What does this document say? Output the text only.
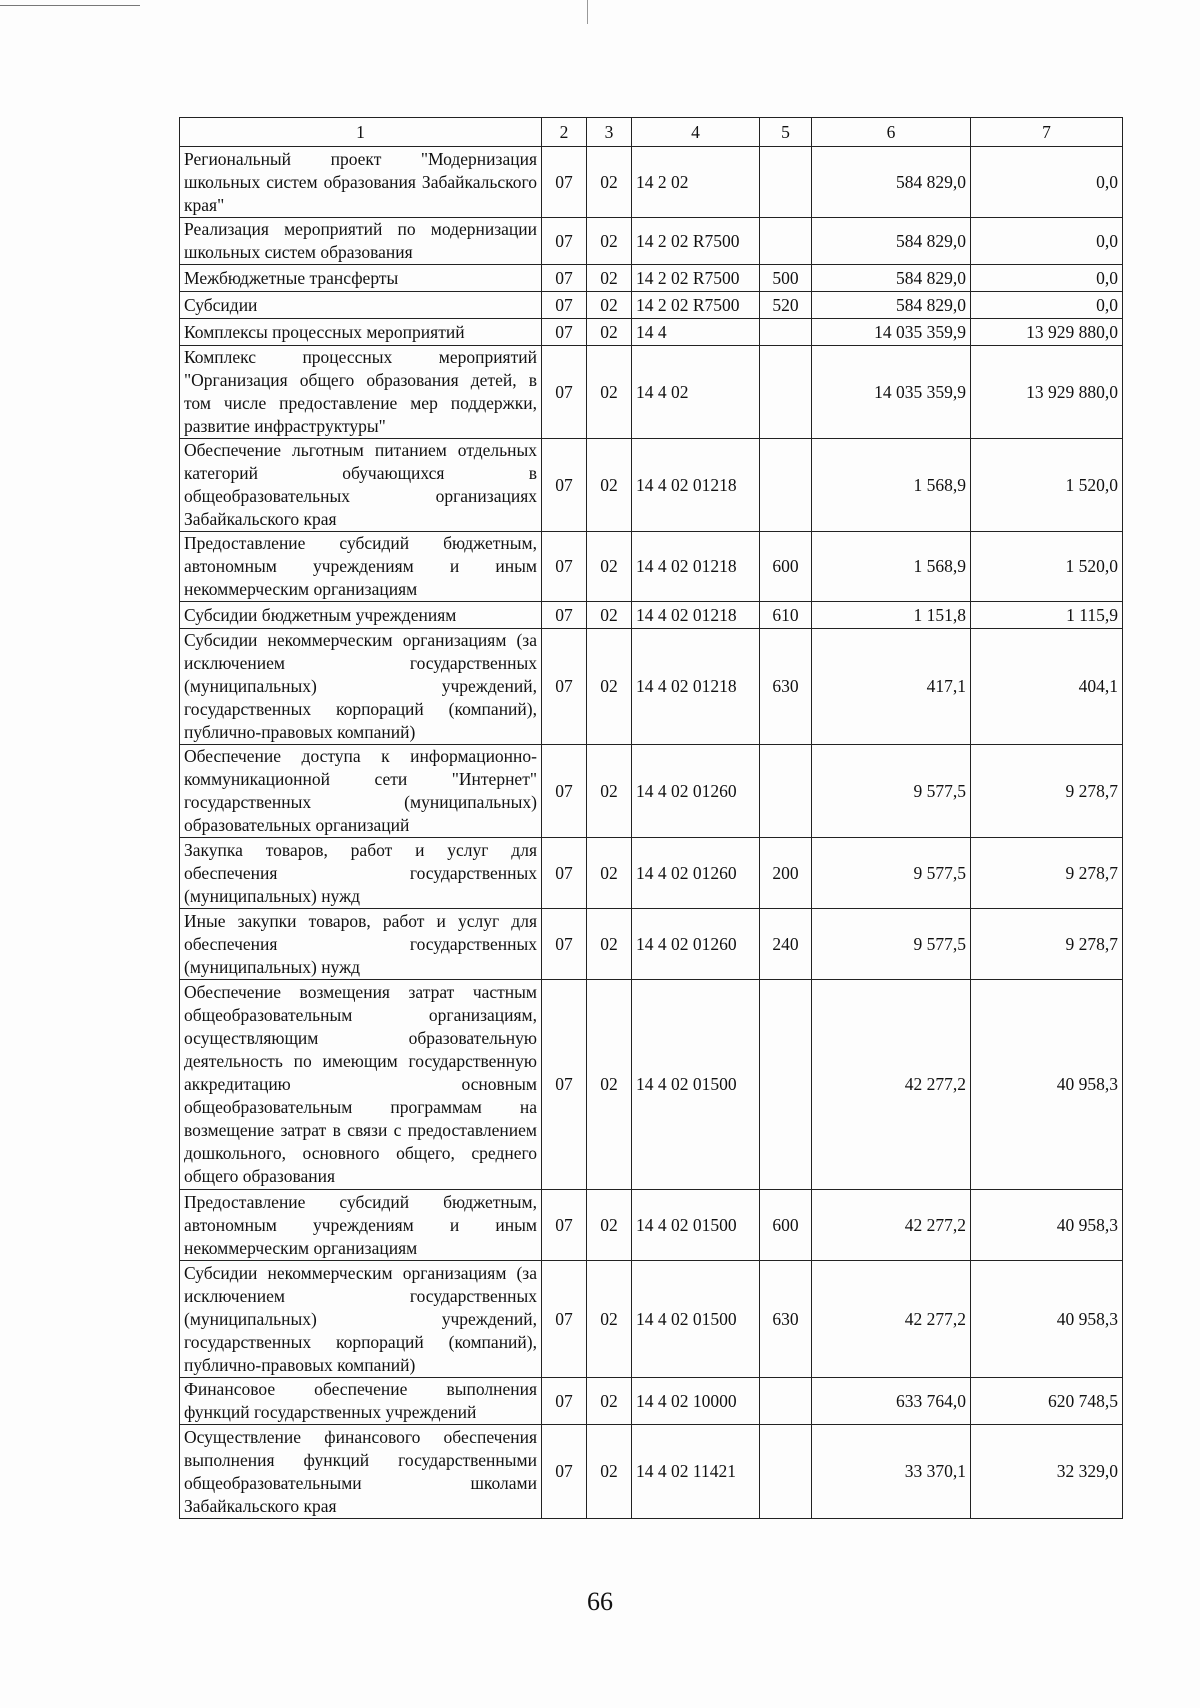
1	2	3	4	5	6	7
Региональный проект "Модернизация школьных систем образования Забайкальского края"	07	02	14 2 02		584 829,0	0,0
Реализация мероприятий по модернизации школьных систем образования	07	02	14 2 02 R7500		584 829,0	0,0
Межбюджетные трансферты	07	02	14 2 02 R7500	500	584 829,0	0,0
Субсидии	07	02	14 2 02 R7500	520	584 829,0	0,0
Комплексы процессных мероприятий	07	02	14 4		14 035 359,9	13 929 880,0
Комплекс процессных мероприятий "Организация общего образования детей, в том числе предоставление мер поддержки, развитие инфраструктуры"	07	02	14 4 02		14 035 359,9	13 929 880,0
Обеспечение льготным питанием отдельных категорий обучающихся в общеобразовательных организациях Забайкальского края	07	02	14 4 02 01218		1 568,9	1 520,0
Предоставление субсидий бюджетным, автономным учреждениям и иным некоммерческим организациям	07	02	14 4 02 01218	600	1 568,9	1 520,0
Субсидии бюджетным учреждениям	07	02	14 4 02 01218	610	1 151,8	1 115,9
Субсидии некоммерческим организациям (за исключением государственных (муниципальных) учреждений, государственных корпораций (компаний), публично-правовых компаний)	07	02	14 4 02 01218	630	417,1	404,1
Обеспечение доступа к информационно-коммуникационной сети "Интернет" государственных (муниципальных) образовательных организаций	07	02	14 4 02 01260		9 577,5	9 278,7
Закупка товаров, работ и услуг для обеспечения государственных (муниципальных) нужд	07	02	14 4 02 01260	200	9 577,5	9 278,7
Иные закупки товаров, работ и услуг для обеспечения государственных (муниципальных) нужд	07	02	14 4 02 01260	240	9 577,5	9 278,7
Обеспечение возмещения затрат частным общеобразовательным организациям, осуществляющим образовательную деятельность по имеющим государственную аккредитацию основным общеобразовательным программам на возмещение затрат в связи с предоставлением дошкольного, основного общего, среднего общего образования	07	02	14 4 02 01500		42 277,2	40 958,3
Предоставление субсидий бюджетным, автономным учреждениям и иным некоммерческим организациям	07	02	14 4 02 01500	600	42 277,2	40 958,3
Субсидии некоммерческим организациям (за исключением государственных (муниципальных) учреждений, государственных корпораций (компаний), публично-правовых компаний)	07	02	14 4 02 01500	630	42 277,2	40 958,3
Финансовое обеспечение выполнения функций государственных учреждений	07	02	14 4 02 10000		633 764,0	620 748,5
Осуществление финансового обеспечения выполнения функций государственными общеобразовательными школами Забайкальского края	07	02	14 4 02 11421		33 370,1	32 329,0
66
